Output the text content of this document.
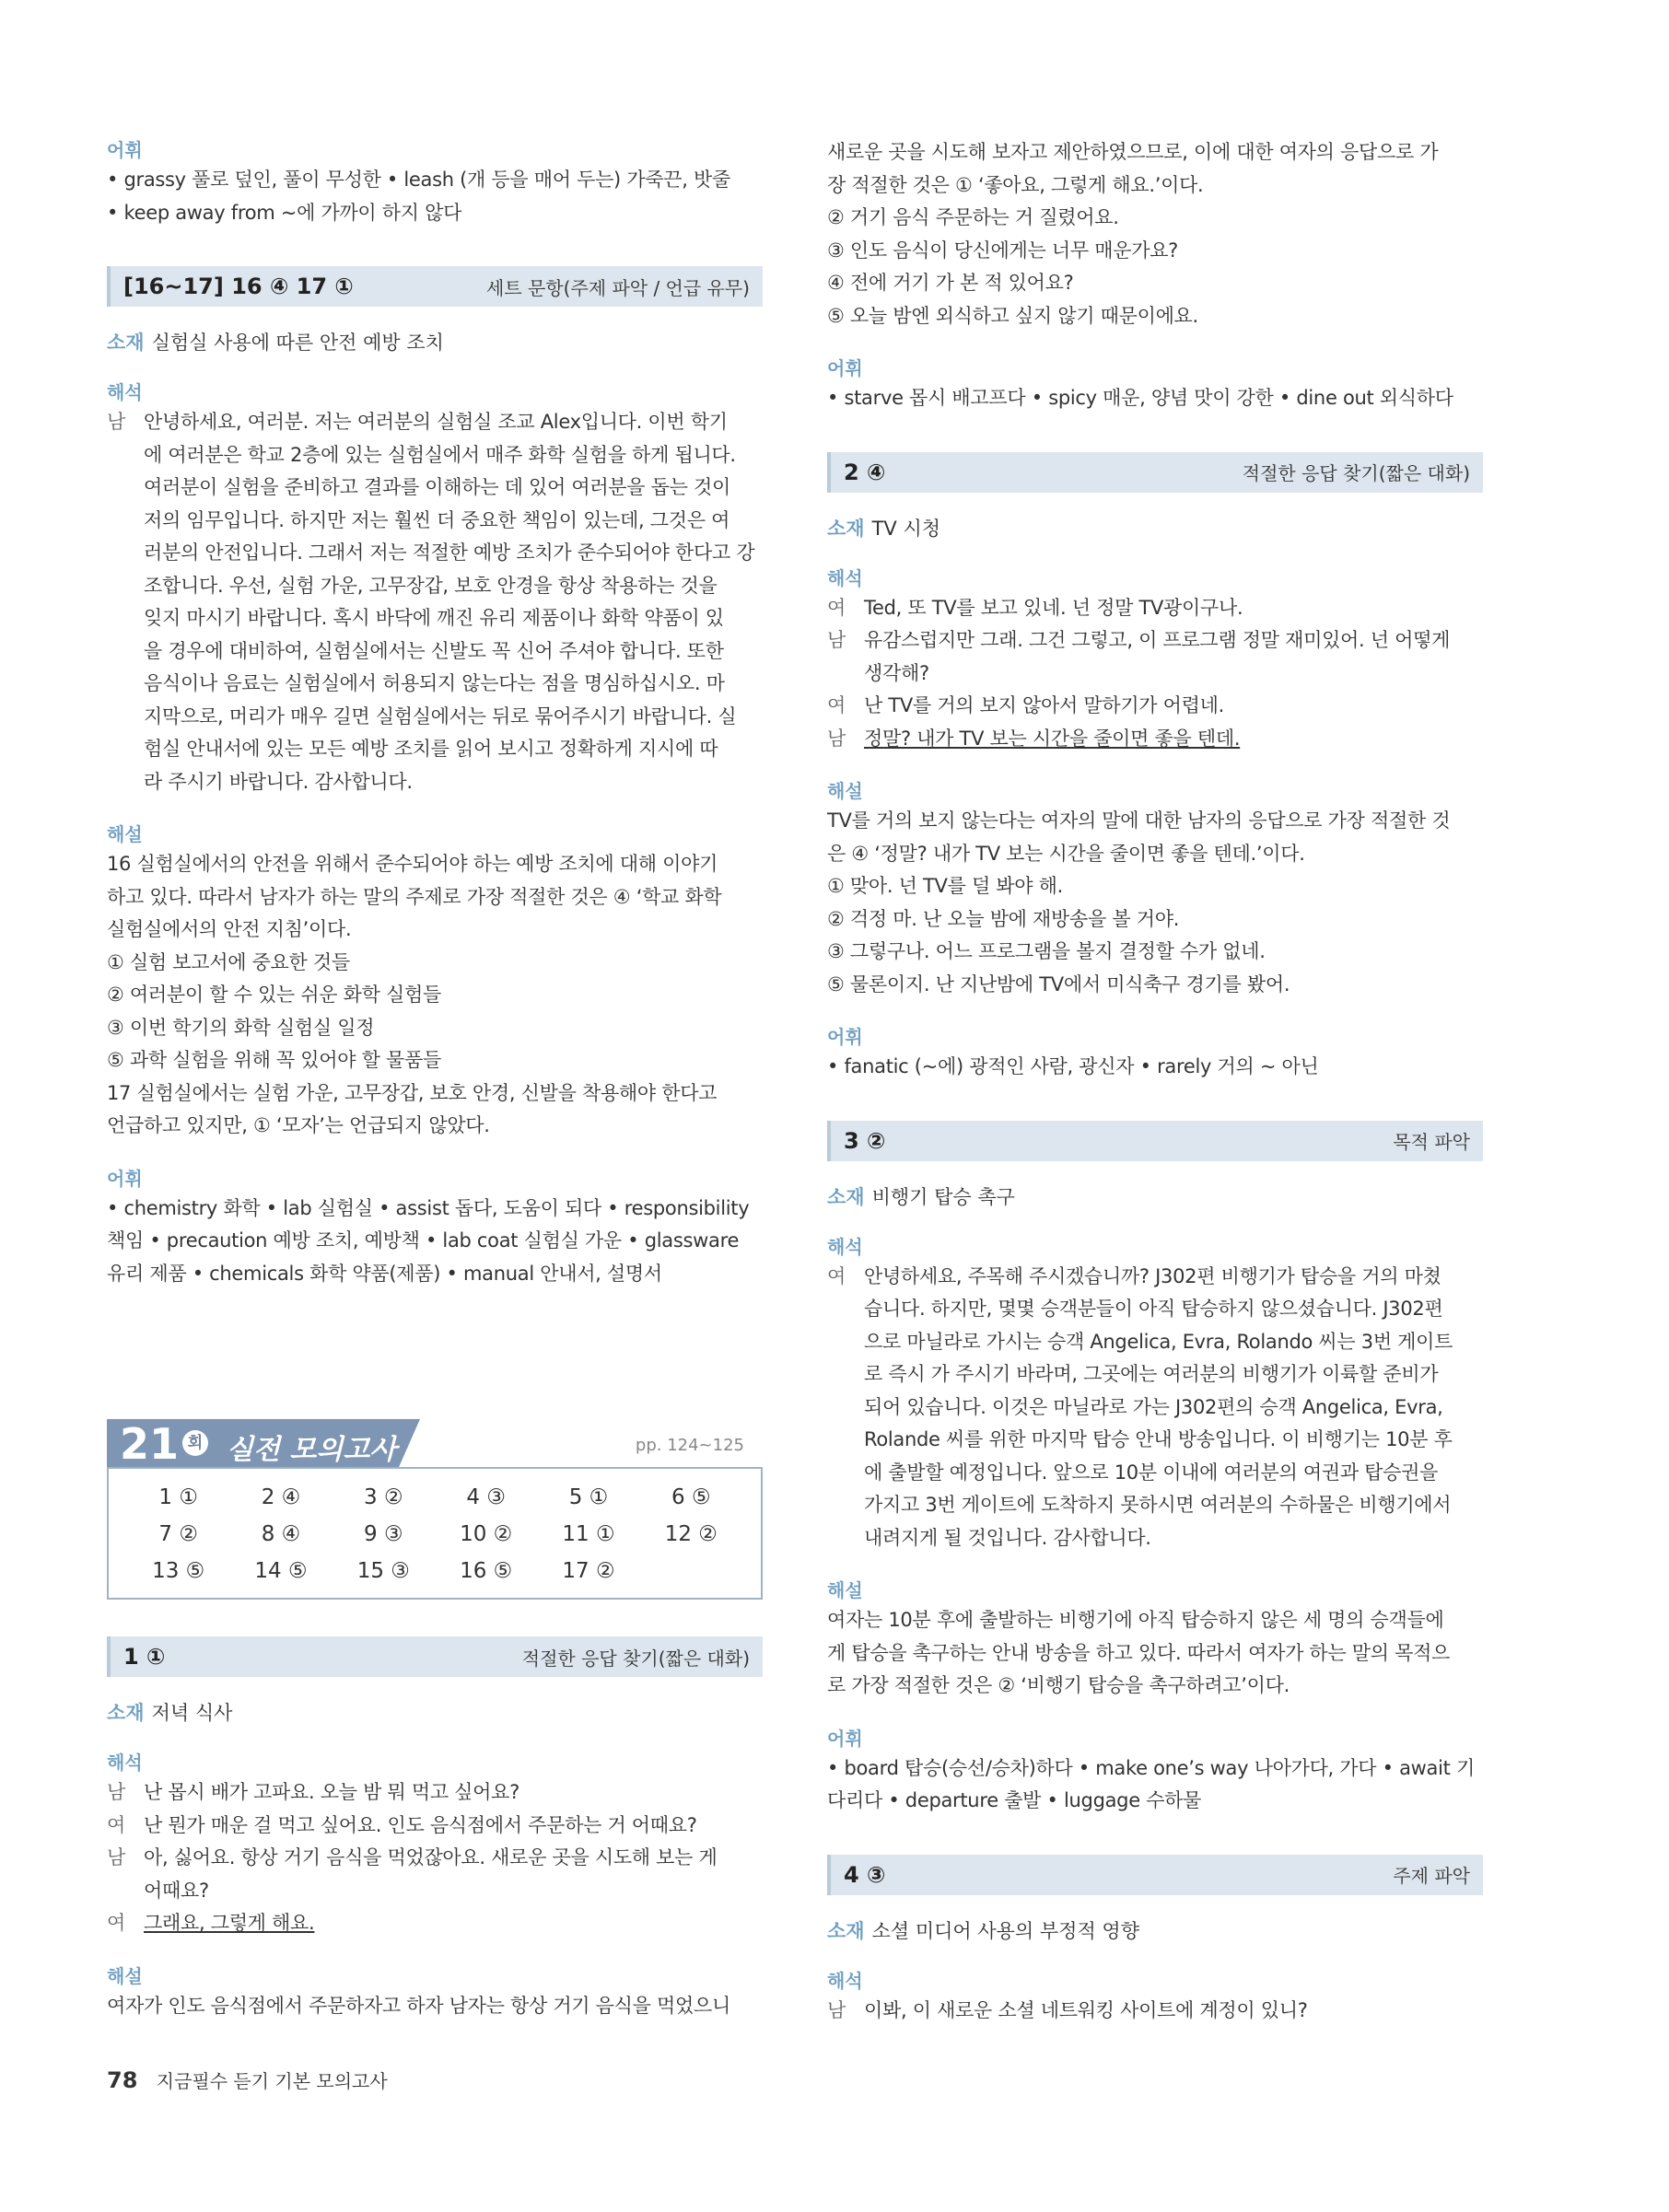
어휘

• grassy 풀로 덮인, 풀이 무성한 • leash (개 등을 매어 두는) 가죽끈, 밧줄

• keep away from ~에 가까이 하지 않다

[16~17] 16 ④ 17 ①	세트 문항(주제 파악 / 언급 유무)

소재 실험실 사용에 따른 안전 예방 조치

해석

남 안녕하세요, 여러분. 저는 여러분의 실험실 조교 Alex입니다. 이번 학기
에 여러분은 학교 2층에 있는 실험실에서 매주 화학 실험을 하게 됩니다.
여러분이 실험을 준비하고 결과를 이해하는 데 있어 여러분을 돕는 것이
저의 임무입니다. 하지만 저는 훨씬 더 중요한 책임이 있는데, 그것은 여
러분의 안전입니다. 그래서 저는 적절한 예방 조치가 준수되어야 한다고 강
조합니다. 우선, 실험 가운, 고무장갑, 보호 안경을 항상 착용하는 것을
잊지 마시기 바랍니다. 혹시 바닥에 깨진 유리 제품이나 화학 약품이 있
을 경우에 대비하여, 실험실에서는 신발도 꼭 신어 주셔야 합니다. 또한
음식이나 음료는 실험실에서 허용되지 않는다는 점을 명심하십시오. 마
지막으로, 머리가 매우 길면 실험실에서는 뒤로 묶어주시기 바랍니다. 실
험실 안내서에 있는 모든 예방 조치를 읽어 보시고 정확하게 지시에 따
라 주시기 바랍니다. 감사합니다.

해설

16 실험실에서의 안전을 위해서 준수되어야 하는 예방 조치에 대해 이야기

하고 있다. 따라서 남자가 하는 말의 주제로 가장 적절한 것은 ④ ‘학교 화학

실험실에서의 안전 지침’이다.

① 실험 보고서에 중요한 것들

② 여러분이 할 수 있는 쉬운 화학 실험들

③ 이번 학기의 화학 실험실 일정

⑤ 과학 실험을 위해 꼭 있어야 할 물품들

17 실험실에서는 실험 가운, 고무장갑, 보호 안경, 신발을 착용해야 한다고

언급하고 있지만, ① ‘모자’는 언급되지 않았다.

어휘

• chemistry 화학 • lab 실험실 • assist 돕다, 도움이 되다 • responsibility

책임 • precaution 예방 조치, 예방책 • lab coat 실험실 가운 • glassware

유리 제품 • chemicals 화학 약품(제품) • manual 안내서, 설명서

21 회 실전 모의고사	pp. 124~125
1 ①	2 ④	3 ②	4 ③	5 ①	6 ⑤
7 ②	8 ④	9 ③	10 ②	11 ①	12 ②
13 ⑤	14 ⑤	15 ③	16 ⑤	17 ②
1 ①	적절한 응답 찾기(짧은 대화)

소재 저녁 식사

해석

남 난 몹시 배가 고파요. 오늘 밤 뭐 먹고 싶어요?
여 난 뭔가 매운 걸 먹고 싶어요. 인도 음식점에서 주문하는 거 어때요?
남 아, 싫어요. 항상 거기 음식을 먹었잖아요. 새로운 곳을 시도해 보는 게
어때요?
여 그래요, 그렇게 해요.

해설

여자가 인도 음식점에서 주문하자고 하자 남자는 항상 거기 음식을 먹었으니

새로운 곳을 시도해 보자고 제안하였으므로, 이에 대한 여자의 응답으로 가

장 적절한 것은 ① ‘좋아요, 그렇게 해요.’이다.

② 거기 음식 주문하는 거 질렸어요.

③ 인도 음식이 당신에게는 너무 매운가요?

④ 전에 거기 가 본 적 있어요?

⑤ 오늘 밤엔 외식하고 싶지 않기 때문이에요.

어휘

• starve 몹시 배고프다 • spicy 매운, 양념 맛이 강한 • dine out 외식하다

2 ④	적절한 응답 찾기(짧은 대화)

소재 TV 시청

해석

여 Ted, 또 TV를 보고 있네. 넌 정말 TV광이구나.
남 유감스럽지만 그래. 그건 그렇고, 이 프로그램 정말 재미있어. 넌 어떻게
생각해?
여 난 TV를 거의 보지 않아서 말하기가 어렵네.
남 정말? 내가 TV 보는 시간을 줄이면 좋을 텐데.

해설

TV를 거의 보지 않는다는 여자의 말에 대한 남자의 응답으로 가장 적절한 것

은 ④ ‘정말? 내가 TV 보는 시간을 줄이면 좋을 텐데.’이다.

① 맞아. 넌 TV를 덜 봐야 해.

② 걱정 마. 난 오늘 밤에 재방송을 볼 거야.

③ 그렇구나. 어느 프로그램을 볼지 결정할 수가 없네.

⑤ 물론이지. 난 지난밤에 TV에서 미식축구 경기를 봤어.

어휘

• fanatic (~에) 광적인 사람, 광신자 • rarely 거의 ~ 아닌

3 ②	목적 파악

소재 비행기 탑승 촉구

해석

여 안녕하세요, 주목해 주시겠습니까? J302편 비행기가 탑승을 거의 마쳤
습니다. 하지만, 몇몇 승객분들이 아직 탑승하지 않으셨습니다. J302편
으로 마닐라로 가시는 승객 Angelica, Evra, Rolando 씨는 3번 게이트
로 즉시 가 주시기 바라며, 그곳에는 여러분의 비행기가 이륙할 준비가
되어 있습니다. 이것은 마닐라로 가는 J302편의 승객 Angelica, Evra,
Rolande 씨를 위한 마지막 탑승 안내 방송입니다. 이 비행기는 10분 후
에 출발할 예정입니다. 앞으로 10분 이내에 여러분의 여권과 탑승권을
가지고 3번 게이트에 도착하지 못하시면 여러분의 수하물은 비행기에서
내려지게 될 것입니다. 감사합니다.

해설

여자는 10분 후에 출발하는 비행기에 아직 탑승하지 않은 세 명의 승객들에

게 탑승을 촉구하는 안내 방송을 하고 있다. 따라서 여자가 하는 말의 목적으

로 가장 적절한 것은 ② ‘비행기 탑승을 촉구하려고’이다.

어휘

• board 탑승(승선/승차)하다 • make one’s way 나아가다, 가다 • await 기

다리다 • departure 출발 • luggage 수하물

4 ③	주제 파악

소재 소셜 미디어 사용의 부정적 영향

해석

남 이봐, 이 새로운 소셜 네트워킹 사이트에 계정이 있니?
78 지금필수 듣기 기본 모의고사
